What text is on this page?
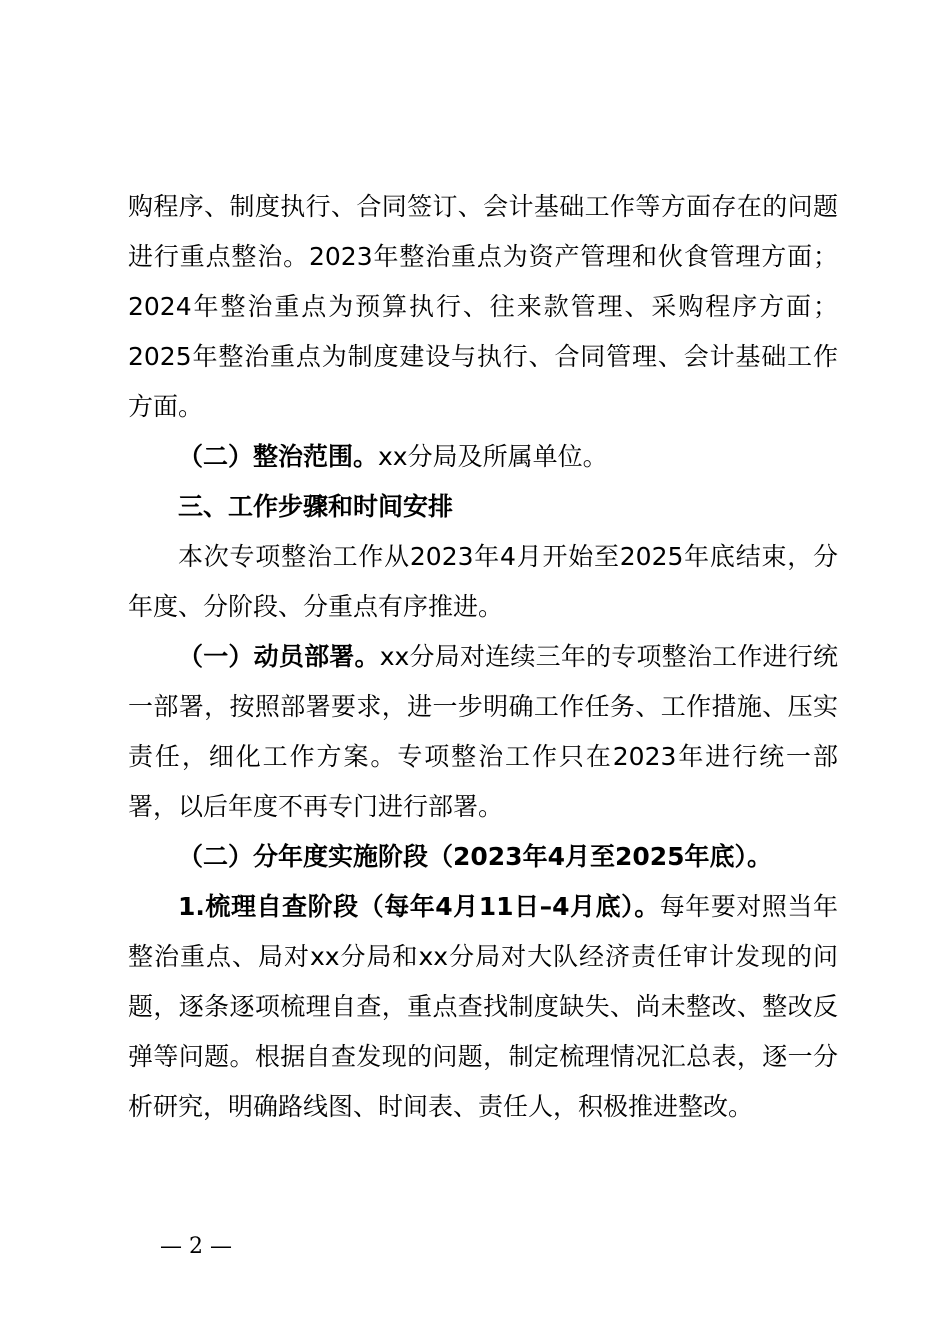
购程序、制度执行、合同签订、会计基础工作等方面存在的问题进行重点整治。2023年整治重点为资产管理和伙食管理方面；2024年整治重点为预算执行、往来款管理、采购程序方面；2025年整治重点为制度建设与执行、合同管理、会计基础工作方面。

（二）整治范围。xx分局及所属单位。

三、工作步骤和时间安排

本次专项整治工作从2023年4月开始至2025年底结束，分年度、分阶段、分重点有序推进。

（一）动员部署。xx分局对连续三年的专项整治工作进行统一部署，按照部署要求，进一步明确工作任务、工作措施、压实责任，细化工作方案。专项整治工作只在2023年进行统一部署，以后年度不再专门进行部署。

（二）分年度实施阶段（2023年4月至2025年底）。

1.梳理自查阶段（每年4月11日–4月底）。每年要对照当年整治重点、局对xx分局和xx分局对大队经济责任审计发现的问题，逐条逐项梳理自查，重点查找制度缺失、尚未整改、整改反弹等问题。根据自查发现的问题，制定梳理情况汇总表，逐一分析研究，明确路线图、时间表、责任人，积极推进整改。

— 2 —
